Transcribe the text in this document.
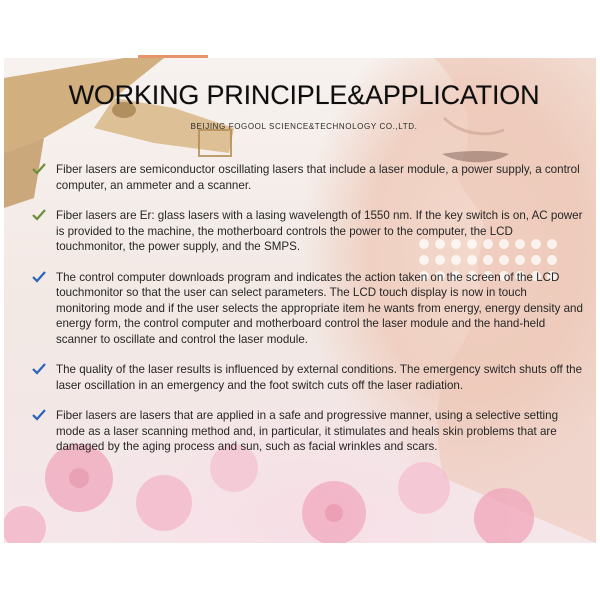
WORKING PRINCIPLE&APPLICATION
BEIJING FOGOOL SCIENCE&TECHNOLOGY CO.,LTD.

Fiber lasers are semiconductor oscillating lasers that include a laser module, a power supply, a control computer, an ammeter and a scanner.

Fiber lasers are Er: glass lasers with a lasing wavelength of 1550 nm. If the key switch is on, AC power is provided to the machine, the motherboard controls the power to the computer, the LCD touchmonitor, the power supply, and the SMPS.

The control computer downloads program and indicates the action taken on the screen of the LCD touchmonitor so that the user can select parameters. The LCD touch display is now in touch monitoring mode and if the user selects the appropriate item he wants from energy, energy density and energy form, the control computer and motherboard control the laser module and the hand-held scanner to oscillate and control the laser module.

The quality of the laser results is influenced by external conditions. The emergency switch shuts off the laser oscillation in an emergency and the foot switch cuts off the laser radiation.

Fiber lasers are lasers that are applied in a safe and progressive manner, using a selective setting mode as a laser scanning method and, in particular, it stimulates and heals skin problems that are damaged by the aging process and sun, such as facial wrinkles and scars.
